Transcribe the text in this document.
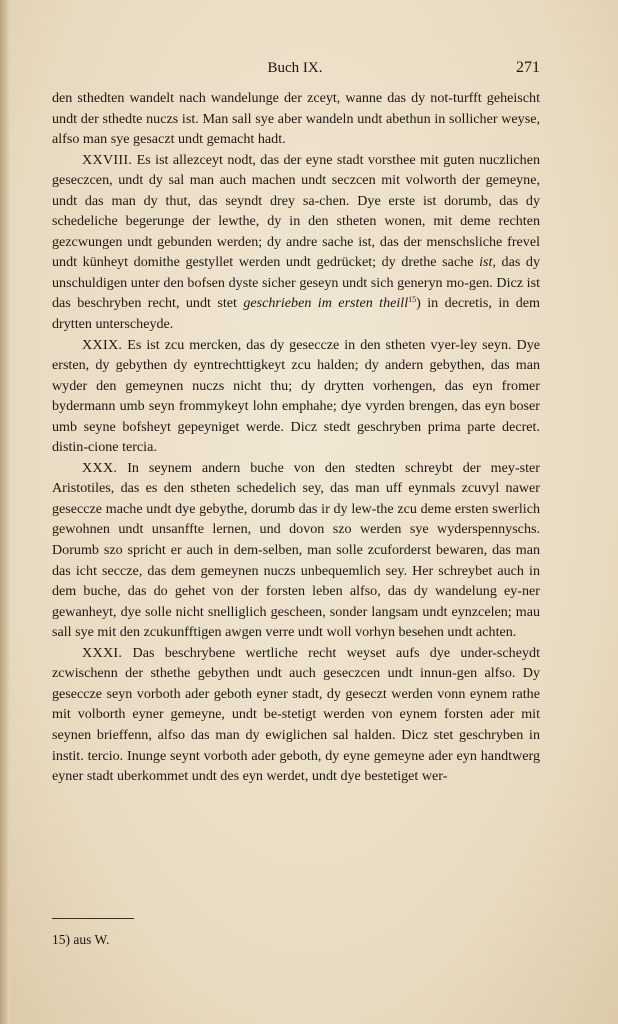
Buch IX.	271

den sthedten wandelt nach wandelunge der zceyt, wanne das dy not-turfft geheischt undt der sthedte nuczs ist. Man sall sye aber wandeln undt abethun in sollicher weyse, alfso man sye gesaczt undt gemacht hadt.

XXVIII. Es ist allezceyt nodt, das der eyne stadt vorsthee mit guten nuczlichen geseczcen, undt dy sal man auch machen undt seczcen mit volworth der gemeyne, undt das man dy thut, das seyndt drey sa-chen. Dye erste ist dorumb, das dy schedeliche begerunge der lewthe, dy in den stheten wonen, mit deme rechten gezcwungen undt gebunden werden; dy andre sache ist, das der menschsliche frevel undt künheyt domithe gestyllet werden undt gedrücket; dy drethe sache ist, das dy unschuldigen unter den bofsen dyste sicher geseyn undt sich generyn mo-gen. Dicz ist das beschryben recht, undt stet geschrieben im ersten theill$^{15}$) in decretis, in dem drytten unterscheyde.

XXIX. Es ist zcu mercken, das dy geseccze in den stheten vyer-ley seyn. Dye ersten, dy gebythen dy eyntrechttigkeyt zcu halden; dy andern gebythen, das man wyder den gemeynen nuczs nicht thu; dy drytten vorhengen, das eyn fromer bydermann umb seyn frommykeyt lohn emphahe; dye vyrden brengen, das eyn boser umb seyne bofsheyt gepeyniget werde. Dicz stedt geschryben prima parte decret. distin-cione tercia.

XXX. In seynem andern buche von den stedten schreybt der mey-ster Aristotiles, das es den stheten schedelich sey, das man uff eynmals zcuvyl nawer geseccze mache undt dye gebythe, dorumb das ir dy lew-the zcu deme ersten swerlich gewohnen undt unsanffte lernen, und dovon szo werden sye wyderspennyschs. Dorumb szo spricht er auch in dem-selben, man solle zcuforderst bewaren, das man das icht seccze, das dem gemeynen nuczs unbequemlich sey. Her schreybet auch in dem buche, das do gehet von der forsten leben alfso, das dy wandelung ey-ner gewanheyt, dye solle nicht snelliglich gescheen, sonder langsam undt eynzcelen; mau sall sye mit den zcukunfftigen awgen verre undt woll vorhyn besehen undt achten.

XXXI. Das beschrybene wertliche recht weyset aufs dye under-scheydt zcwischenn der sthethe gebythen undt auch geseczcen undt innun-gen alfso. Dy geseccze seyn vorboth ader geboth eyner stadt, dy geseczt werden vonn eynem rathe mit volborth eyner gemeyne, undt be-stetigt werden von eynem forsten ader mit seynen brieffenn, alfso das man dy ewiglichen sal halden. Dicz stet geschryben in instit. tercio. Inunge seynt vorboth ader geboth, dy eyne gemeyne ader eyn handtwerg eyner stadt uberkommet undt des eyn werdet, undt dye bestetiget wer-

15) aus W.
